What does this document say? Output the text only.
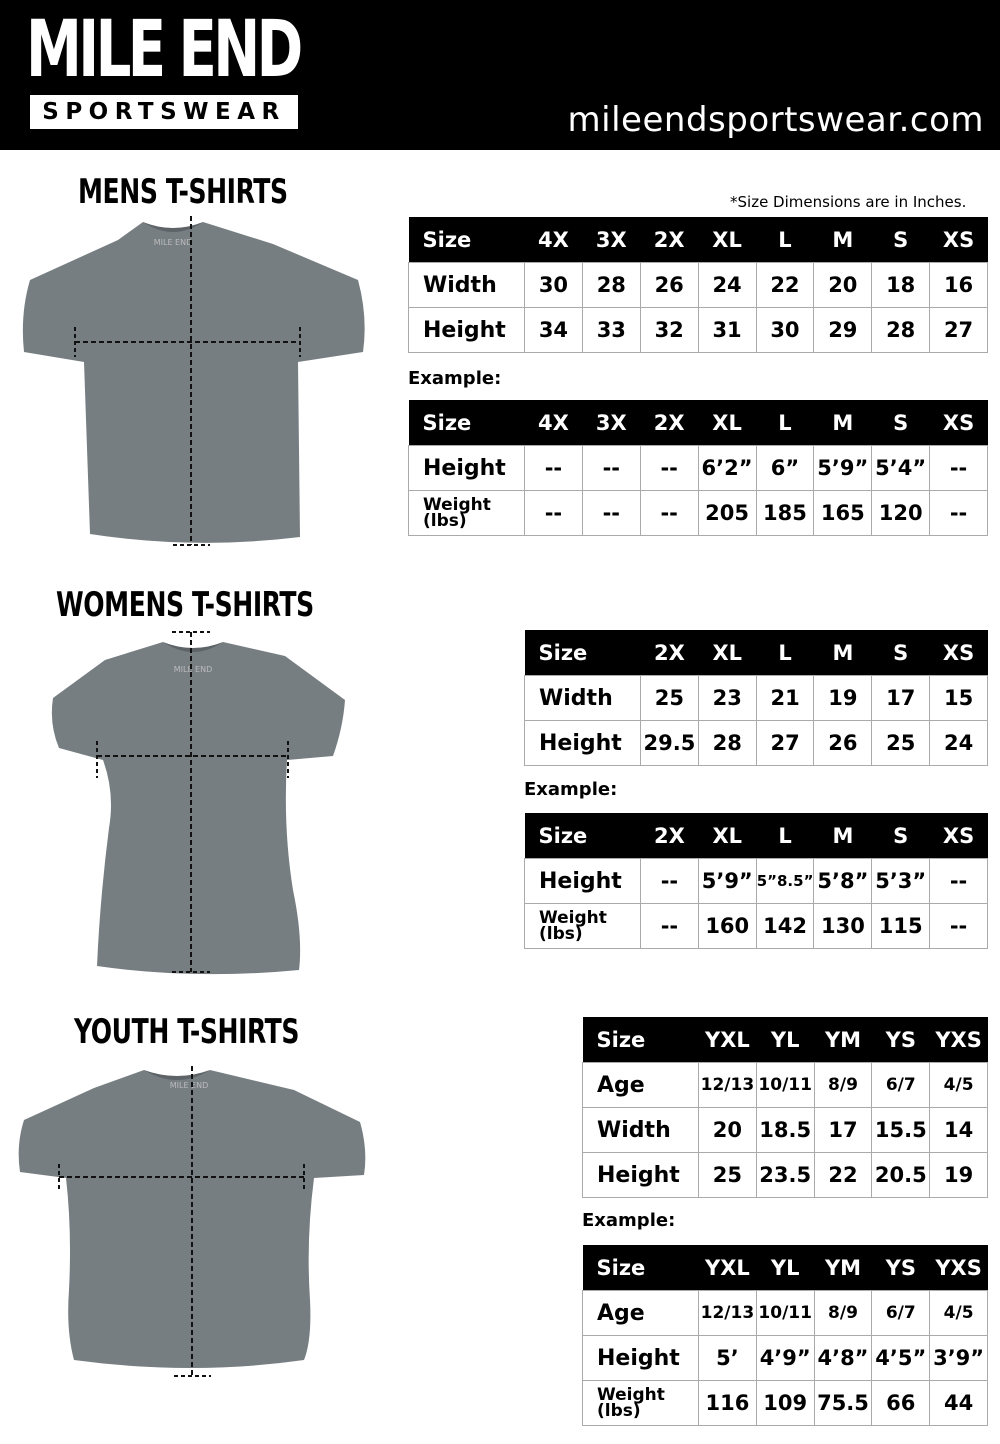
MILE END
SPORTSWEAR	mileendsportswear.com
MENS T-SHIRTS
MILE END
*Size Dimensions are in Inches.
Size	4X	3X	2X	XL	L	M	S	XS
Width	30	28	26	24	22	20	18	16
Height	34	33	32	31	30	29	28	27
Example:
Size	4X	3X	2X	XL	L	M	S	XS
Height	--	--	--	6’2”	6”	5’9”	5’4”	--
Weight
(lbs)	--	--	--	205	185	165	120	--
WOMENS T-SHIRTS
MILE END
Size	2X	XL	L	M	S	XS
Width	25	23	21	19	17	15
Height	29.5	28	27	26	25	24
Example:
Size	2X	XL	L	M	S	XS
Height	--	5’9”	5”8.5”	5’8”	5’3”	--
Weight
(lbs)	--	160	142	130	115	--
YOUTH T-SHIRTS
MILE END
Size	YXL	YL	YM	YS	YXS
Age	12/13	10/11	8/9	6/7	4/5
Width	20	18.5	17	15.5	14
Height	25	23.5	22	20.5	19
Example:
Size	YXL	YL	YM	YS	YXS
Age	12/13	10/11	8/9	6/7	4/5
Height	5’	4’9”	4’8”	4’5”	3’9”
Weight
(lbs)	116	109	75.5	66	44
